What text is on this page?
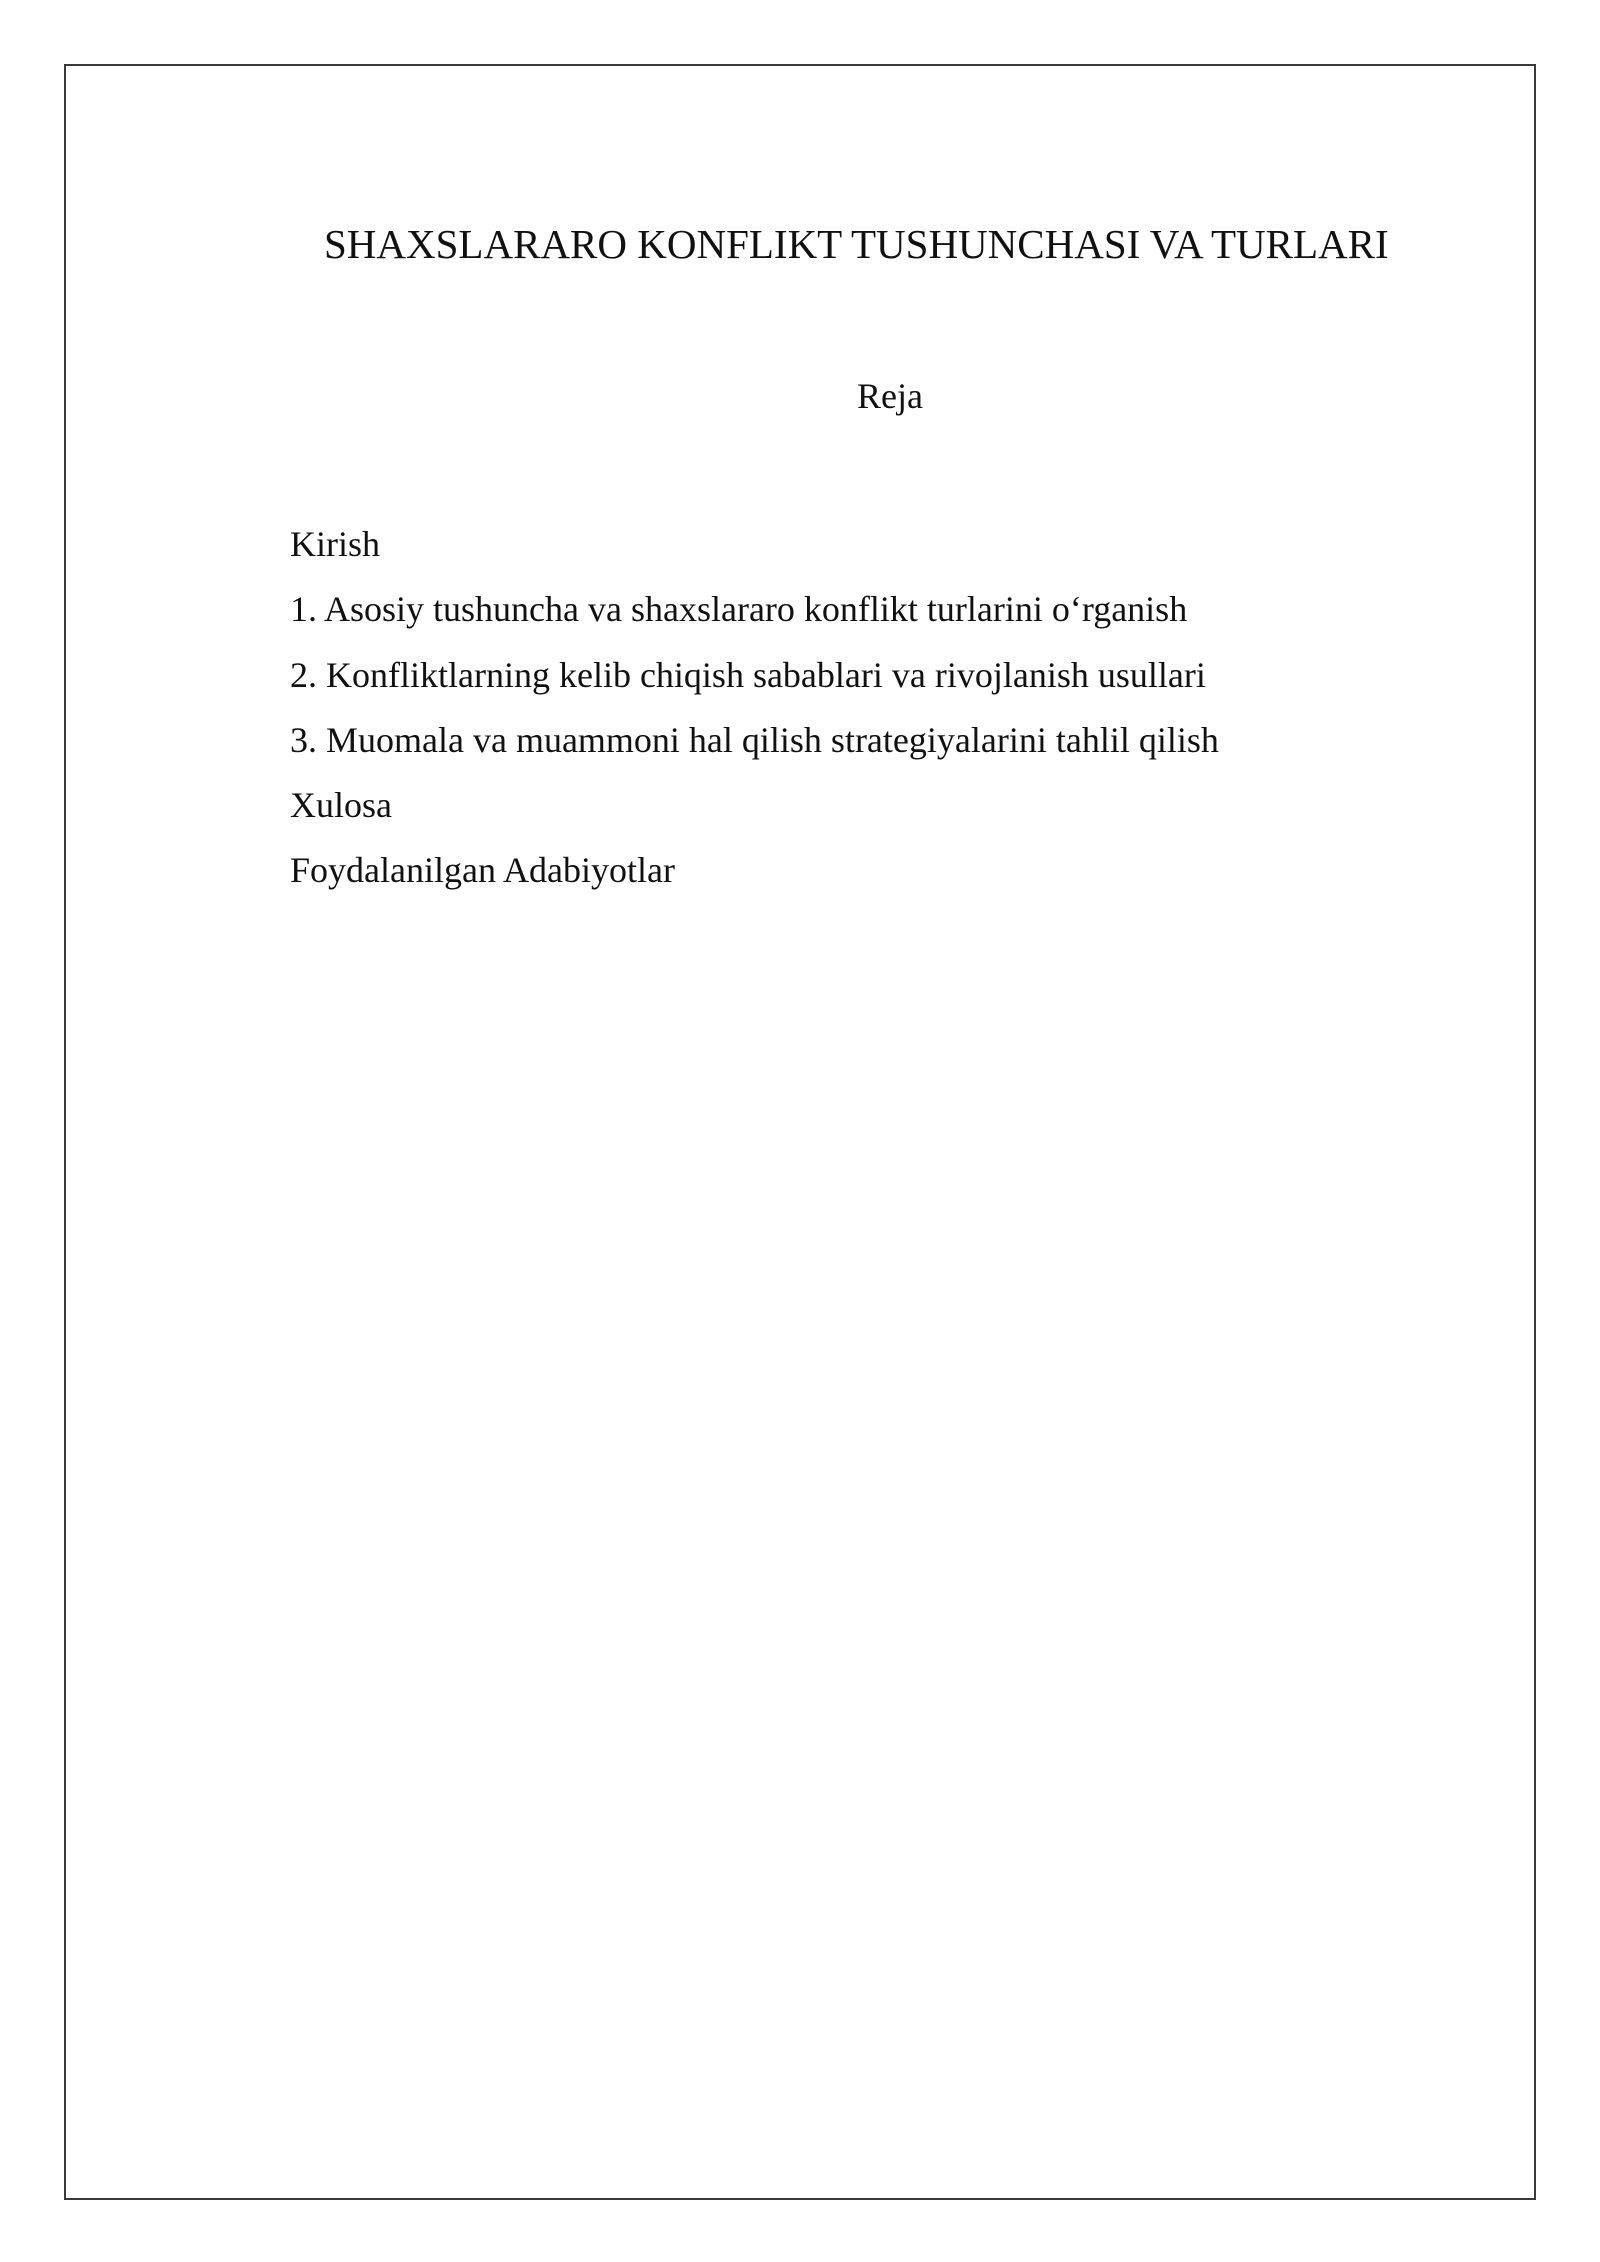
SHAXSLARARO KONFLIKT TUSHUNCHASI VA TURLARI
Reja
Kirish
1. Asosiy tushuncha va shaxslararo konflikt turlarini o‘rganish
2. Konfliktlarning kelib chiqish sabablari va rivojlanish usullari
3. Muomala va muammoni hal qilish strategiyalarini tahlil qilish
Xulosa
Foydalanilgan Adabiyotlar
